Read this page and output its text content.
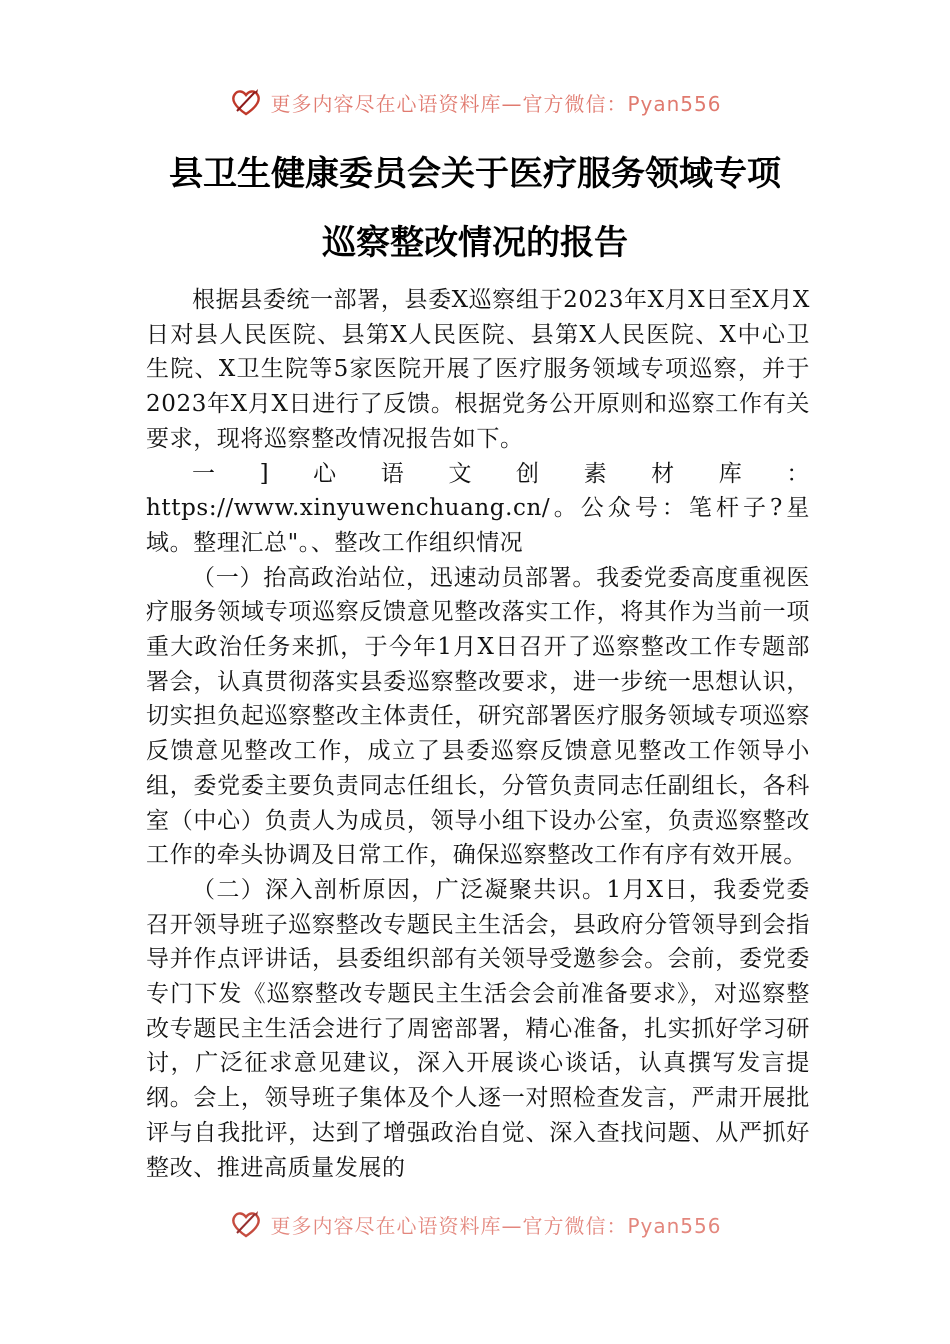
更多内容尽在心语资料库—官方微信：Pyan556
县卫生健康委员会关于医疗服务领域专项
巡察整改情况的报告

根据县委统一部署，县委X巡察组于2023年X月X日至X月X日对县人民医院、县第X人民医院、县第X人民医院、X中心卫生院、X卫生院等5家医院开展了医疗服务领域专项巡察，并于2023年X月X日进行了反馈。根据党务公开原则和巡察工作有关要求，现将巡察整改情况报告如下。

一]心语文创素材库：https://www.xinyuwenchuang.cn/。公众号：笔杆子?星域。整理汇总"。、整改工作组织情况

（一）抬高政治站位，迅速动员部署。我委党委高度重视医疗服务领域专项巡察反馈意见整改落实工作，将其作为当前一项重大政治任务来抓，于今年1月X日召开了巡察整改工作专题部署会，认真贯彻落实县委巡察整改要求，进一步统一思想认识，切实担负起巡察整改主体责任，研究部署医疗服务领域专项巡察反馈意见整改工作，成立了县委巡察反馈意见整改工作领导小组，委党委主要负责同志任组长，分管负责同志任副组长，各科室（中心）负责人为成员，领导小组下设办公室，负责巡察整改工作的牵头协调及日常工作，确保巡察整改工作有序有效开展。

（二）深入剖析原因，广泛凝聚共识。1月X日，我委党委召开领导班子巡察整改专题民主生活会，县政府分管领导到会指导并作点评讲话，县委组织部有关领导受邀参会。会前，委党委专门下发《巡察整改专题民主生活会会前准备要求》，对巡察整改专题民主生活会进行了周密部署，精心准备，扎实抓好学习研讨，广泛征求意见建议，深入开展谈心谈话，认真撰写发言提纲。会上，领导班子集体及个人逐一对照检查发言，严肃开展批评与自我批评，达到了增强政治自觉、深入查找问题、从严抓好整改、推进高质量发展的

更多内容尽在心语资料库—官方微信：Pyan556
